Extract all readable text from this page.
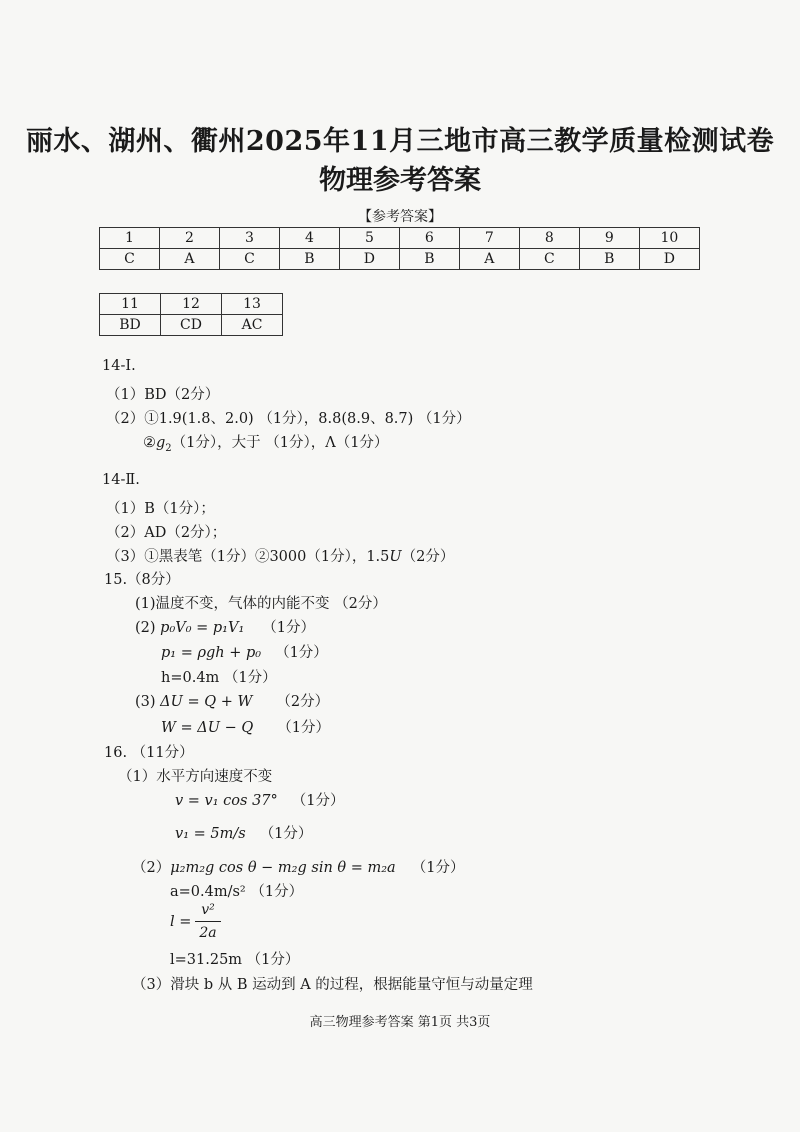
丽水、湖州、衢州2025年11月三地市高三教学质量检测试卷
物理参考答案
【参考答案】
1	2	3	4	5	6	7	8	9	10
C	A	C	B	D	B	A	C	B	D
11	12	13
BD	CD	AC
14-Ⅰ.
（1）BD（2分）
（2）①1.9(1.8、2.0) （1分），8.8(8.9、8.7) （1分）
$②g_2(1$分），大于 （1分），Λ（1分）
14-Ⅱ.
（1）B（1分）；
（2）AD（2分）；
（3）①黑表笔（1分）②3000（1分），1.5U（2分）
15.（8分）
(1)温度不变，气体的内能不变 （2分）
(2) p₀V₀ = p₁V₁ （1分）
p₁ = ρgh + p₀ （1分）
h=0.4m （1分）
(3) ΔU = Q + W （2分）
W = ΔU − Q （1分）
16. （11分）
（1）水平方向速度不变
v = v₁ cos 37° （1分）
v₁ = 5m/s （1分）
（2）μ₂m₂g cos θ − m₂g sin θ = m₂a （1分）
a=0.4m/s² （1分）
l =
v²
2a
l=31.25m （1分）
（3）滑块 b 从 B 运动到 A 的过程，根据能量守恒与动量定理
高三物理参考答案 第1页 共3页
